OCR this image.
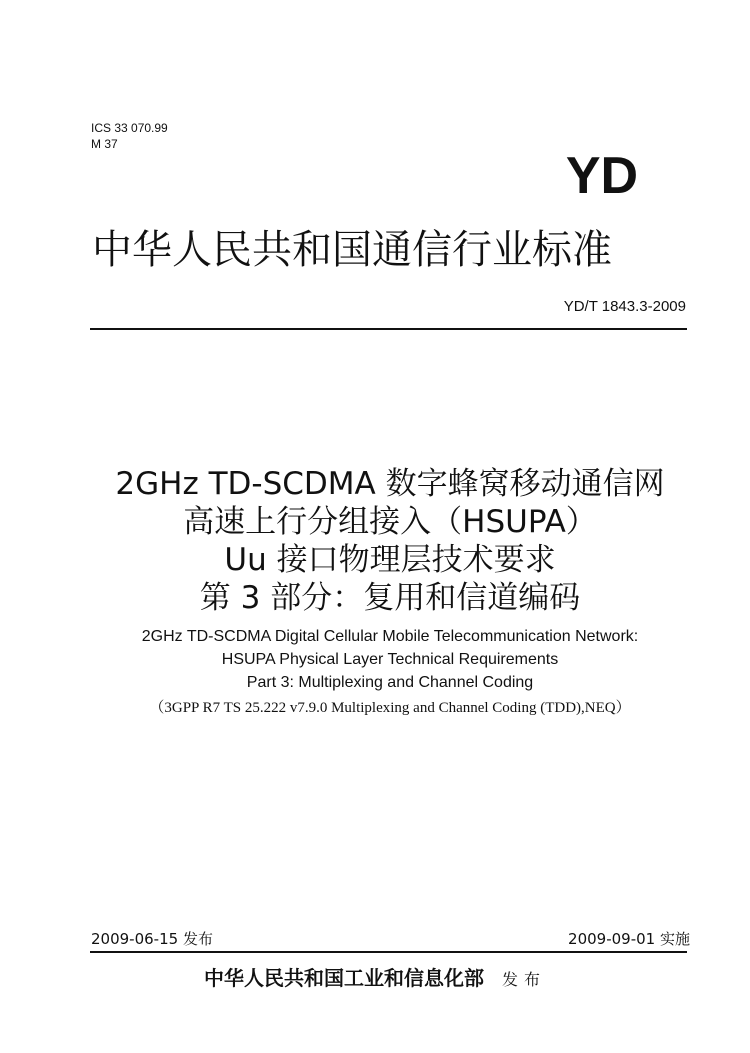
ICS 33 070.99
M 37
YD
中华人民共和国通信行业标准
YD/T 1843.3-2009
2GHz TD-SCDMA 数字蜂窝移动通信网
高速上行分组接入（HSUPA）
Uu 接口物理层技术要求
第 3 部分：复用和信道编码
2GHz TD-SCDMA Digital Cellular Mobile Telecommunication Network:
HSUPA Physical Layer Technical Requirements
Part 3: Multiplexing and Channel Coding
（3GPP R7 TS 25.222 v7.9.0 Multiplexing and Channel Coding (TDD),NEQ）
2009-06-15 发布	2009-09-01 实施
中华人民共和国工业和信息化部 发布
